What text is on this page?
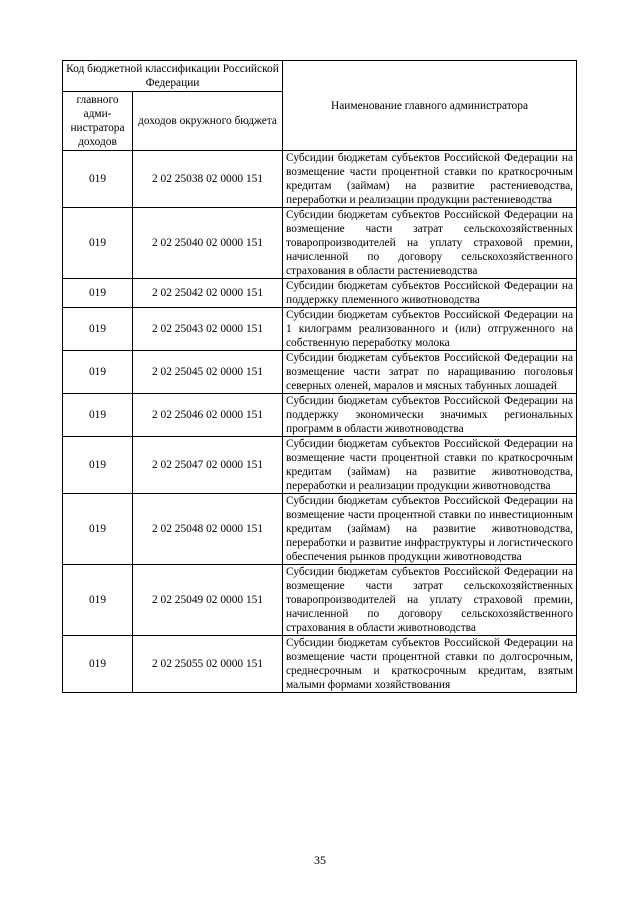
Код бюджетной классификации Российской Федерации		Наименование главного администратора
главного адми-нистратора доходов	доходов окружного бюджета	
019	2 02 25038 02 0000 151	Субсидии бюджетам субъектов Российской Федерации на возмещение части процентной ставки по краткосрочным кредитам (займам) на развитие растениеводства, переработки и реализации продукции растениеводства
019	2 02 25040 02 0000 151	Субсидии бюджетам субъектов Российской Федерации на возмещение части затрат сельскохозяйственных товаропроизводителей на уплату страховой премии, начисленной по договору сельскохозяйственного страхования в области растениеводства
019	2 02 25042 02 0000 151	Субсидии бюджетам субъектов Российской Федерации на поддержку племенного животноводства
019	2 02 25043 02 0000 151	Субсидии бюджетам субъектов Российской Федерации на 1 килограмм реализованного и (или) отгруженного на собственную переработку молока
019	2 02 25045 02 0000 151	Субсидии бюджетам субъектов Российской Федерации на возмещение части затрат по наращиванию поголовья северных оленей, маралов и мясных табунных лошадей
019	2 02 25046 02 0000 151	Субсидии бюджетам субъектов Российской Федерации на поддержку экономически значимых региональных программ в области животноводства
019	2 02 25047 02 0000 151	Субсидии бюджетам субъектов Российской Федерации на возмещение части процентной ставки по краткосрочным кредитам (займам) на развитие животноводства, переработки и реализации продукции животноводства
019	2 02 25048 02 0000 151	Субсидии бюджетам субъектов Российской Федерации на возмещение части процентной ставки по инвестиционным кредитам (займам) на развитие животноводства, переработки и развитие инфраструктуры и логистического обеспечения рынков продукции животноводства
019	2 02 25049 02 0000 151	Субсидии бюджетам субъектов Российской Федерации на возмещение части затрат сельскохозяйственных товаропроизводителей на уплату страховой премии, начисленной по договору сельскохозяйственного страхования в области животноводства
019	2 02 25055 02 0000 151	Субсидии бюджетам субъектов Российской Федерации на возмещение части процентной ставки по долгосрочным, среднесрочным и краткосрочным кредитам, взятым малыми формами хозяйствования
35
